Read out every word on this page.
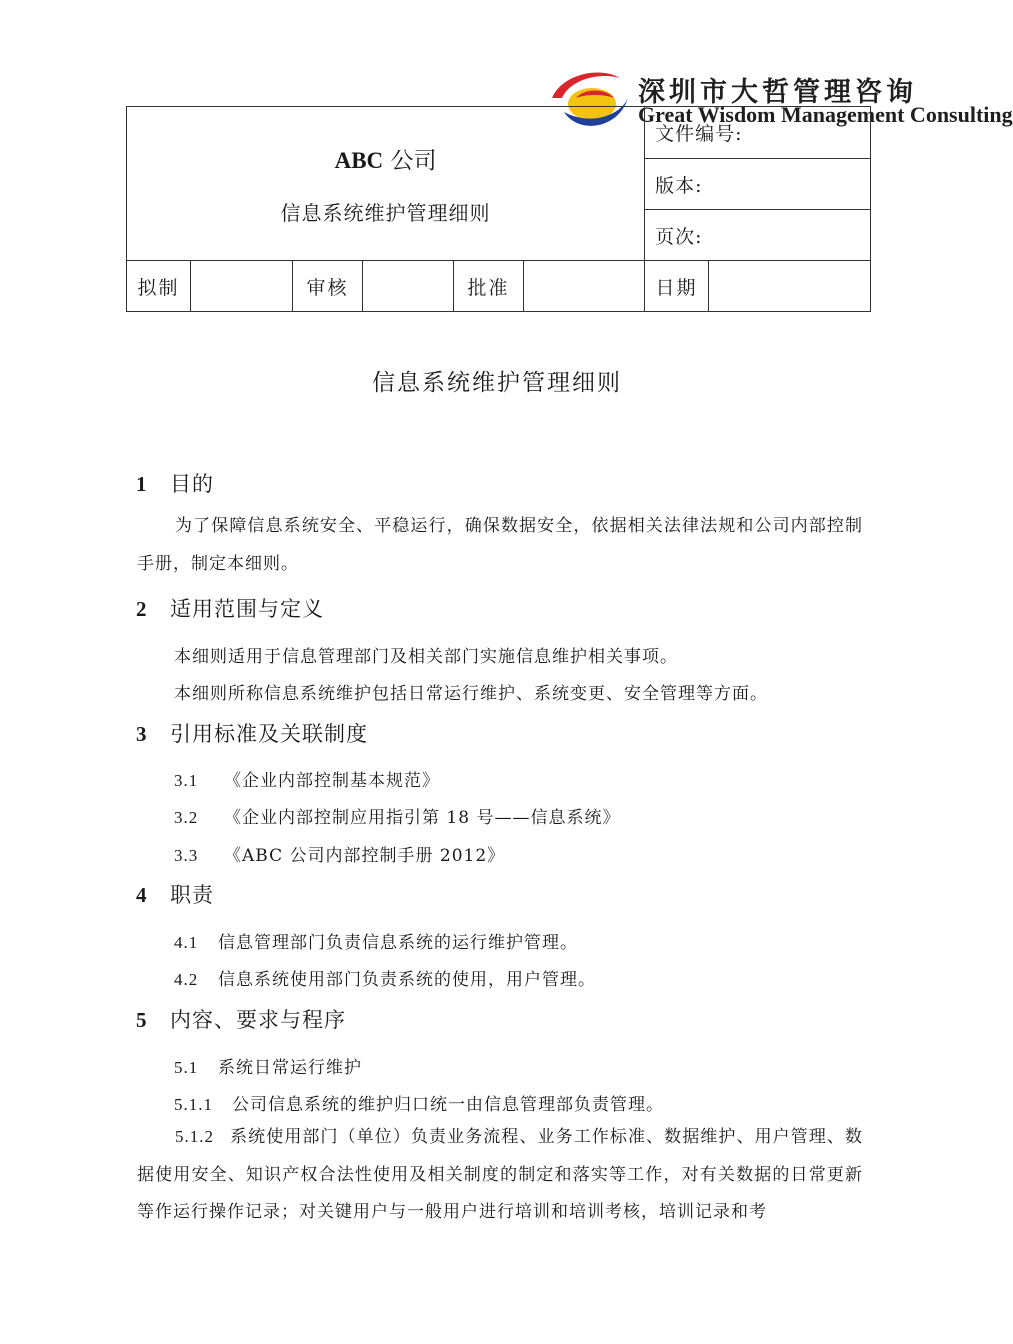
深圳市大哲管理咨询
Great Wisdom Management Consulting
ABC 公司
信息系统维护管理细则						文件编号:	
						版本:	
						页次:	
拟制		审核		批准		日期	
信息系统维护管理细则
1 目的
为了保障信息系统安全、平稳运行，确保数据安全，依据相关法律法规和公司内部控制手册，制定本细则。
2 适用范围与定义
本细则适用于信息管理部门及相关部门实施信息维护相关事项。
本细则所称信息系统维护包括日常运行维护、系统变更、安全管理等方面。
3 引用标准及关联制度
3.1 《企业内部控制基本规范》
3.2 《企业内部控制应用指引第 18 号——信息系统》
3.3 《ABC 公司内部控制手册 2012》
4 职责
4.1 信息管理部门负责信息系统的运行维护管理。
4.2 信息系统使用部门负责系统的使用，用户管理。
5 内容、要求与程序
5.1 系统日常运行维护
5.1.1 公司信息系统的维护归口统一由信息管理部负责管理。
5.1.2 系统使用部门（单位）负责业务流程、业务工作标准、数据维护、用户管理、数据使用安全、知识产权合法性使用及相关制度的制定和落实等工作，对有关数据的日常更新等作运行操作记录；对关键用户与一般用户进行培训和培训考核，培训记录和考
